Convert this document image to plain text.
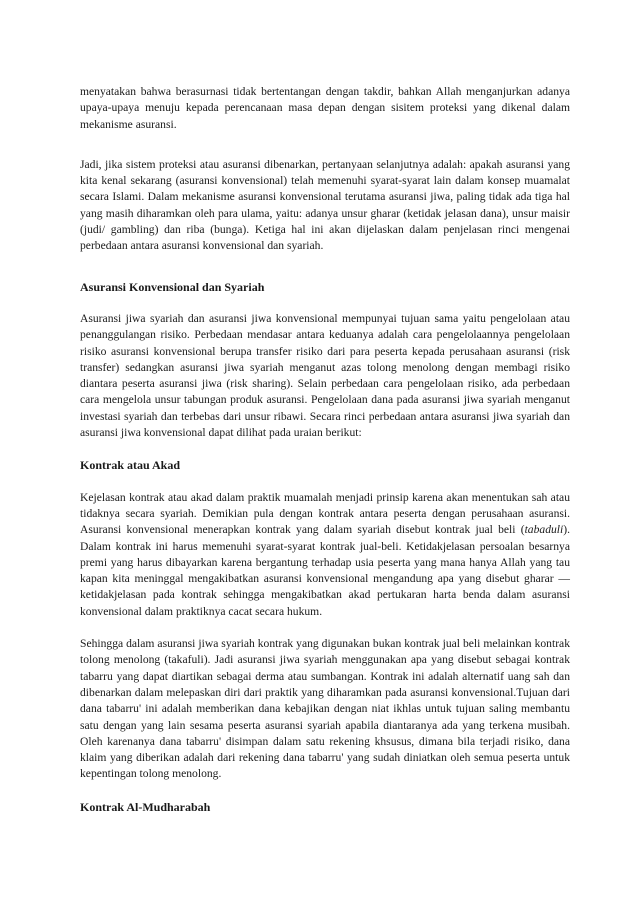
menyatakan bahwa berasurnasi tidak bertentangan dengan takdir, bahkan Allah menganjurkan adanya upaya-upaya menuju kepada perencanaan masa depan dengan sisitem proteksi yang dikenal dalam mekanisme asuransi.

Jadi, jika sistem proteksi atau asuransi dibenarkan, pertanyaan selanjutnya adalah: apakah asuransi yang kita kenal sekarang (asuransi konvensional) telah memenuhi syarat-syarat lain dalam konsep muamalat secara Islami. Dalam mekanisme asuransi konvensional terutama asuransi jiwa, paling tidak ada tiga hal yang masih diharamkan oleh para ulama, yaitu: adanya unsur gharar (ketidak jelasan dana), unsur maisir (judi/ gambling) dan riba (bunga). Ketiga hal ini akan dijelaskan dalam penjelasan rinci mengenai perbedaan antara asuransi konvensional dan syariah.

Asuransi Konvensional dan Syariah

Asuransi jiwa syariah dan asuransi jiwa konvensional mempunyai tujuan sama yaitu pengelolaan atau penanggulangan risiko. Perbedaan mendasar antara keduanya adalah cara pengelolaannya pengelolaan risiko asuransi konvensional berupa transfer risiko dari para peserta kepada perusahaan asuransi (risk transfer) sedangkan asuransi jiwa syariah menganut azas tolong menolong dengan membagi risiko diantara peserta asuransi jiwa (risk sharing). Selain perbedaan cara pengelolaan risiko, ada perbedaan cara mengelola unsur tabungan produk asuransi. Pengelolaan dana pada asuransi jiwa syariah menganut investasi syariah dan terbebas dari unsur ribawi. Secara rinci perbedaan antara asuransi jiwa syariah dan asuransi jiwa konvensional dapat dilihat pada uraian berikut:

Kontrak atau Akad

Kejelasan kontrak atau akad dalam praktik muamalah menjadi prinsip karena akan menentukan sah atau tidaknya secara syariah. Demikian pula dengan kontrak antara peserta dengan perusahaan asuransi. Asuransi konvensional menerapkan kontrak yang dalam syariah disebut kontrak jual beli (tabaduli). Dalam kontrak ini harus memenuhi syarat-syarat kontrak jual-beli. Ketidakjelasan persoalan besarnya premi yang harus dibayarkan karena bergantung terhadap usia peserta yang mana hanya Allah yang tau kapan kita meninggal mengakibatkan asuransi konvensional mengandung apa yang disebut gharar —ketidakjelasan pada kontrak sehingga mengakibatkan akad pertukaran harta benda dalam asuransi konvensional dalam praktiknya cacat secara hukum.

Sehingga dalam asuransi jiwa syariah kontrak yang digunakan bukan kontrak jual beli melainkan kontrak tolong menolong (takafuli). Jadi asuransi jiwa syariah menggunakan apa yang disebut sebagai kontrak tabarru yang dapat diartikan sebagai derma atau sumbangan. Kontrak ini adalah alternatif uang sah dan dibenarkan dalam melepaskan diri dari praktik yang diharamkan pada asuransi konvensional.Tujuan dari dana tabarru' ini adalah memberikan dana kebajikan dengan niat ikhlas untuk tujuan saling membantu satu dengan yang lain sesama peserta asuransi syariah apabila diantaranya ada yang terkena musibah. Oleh karenanya dana tabarru' disimpan dalam satu rekening khsusus, dimana bila terjadi risiko, dana klaim yang diberikan adalah dari rekening dana tabarru' yang sudah diniatkan oleh semua peserta untuk kepentingan tolong menolong.

Kontrak Al-Mudharabah
